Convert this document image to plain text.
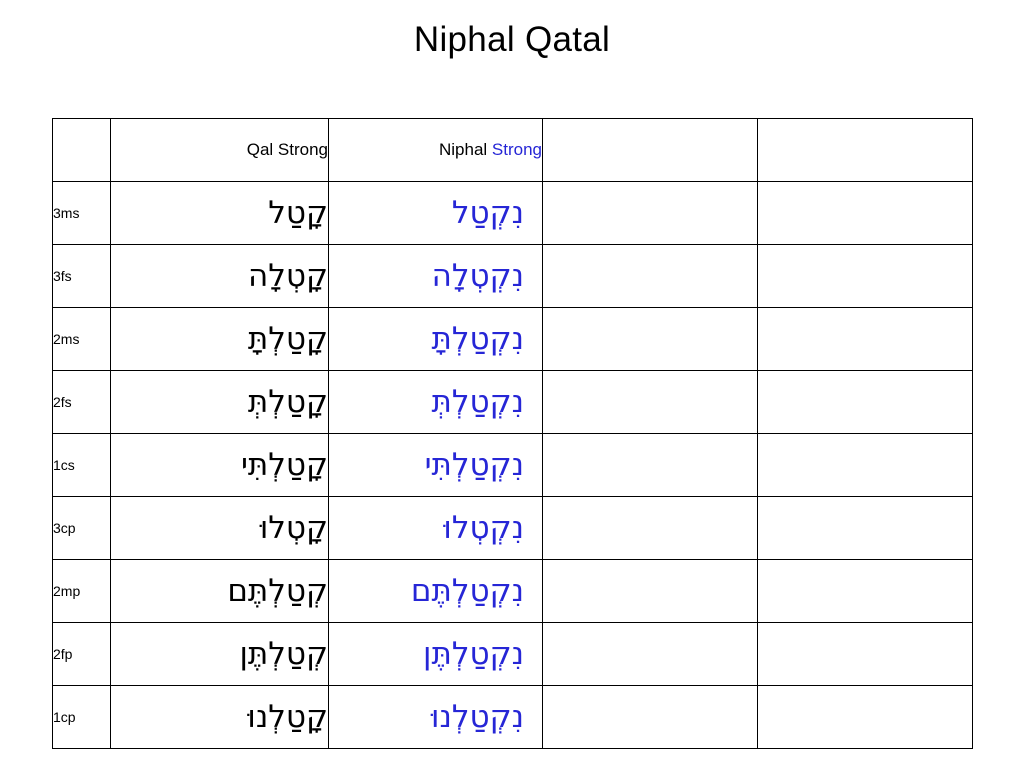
Niphal Qatal
	Qal Strong	Niphal Strong		
3ms	קָטַל	נִקְטַל		
3fs	קָטְלָה	נִקְטְלָה		
2ms	קָטַלְתָּ	נִקְטַלְתָּ		
2fs	קָטַלְתְּ	נִקְטַלְתְּ		
1cs	קָטַלְתִּי	נִקְטַלְתִּי		
3cp	קָטְלוּ	נִקְטְלוּ		
2mp	קְטַלְתֶּם	נִקְטַלְתֶּם		
2fp	קְטַלְתֶּן	נִקְטַלְתֶּן		
1cp	קָטַלְנוּ	נִקְטַלְנוּ		
